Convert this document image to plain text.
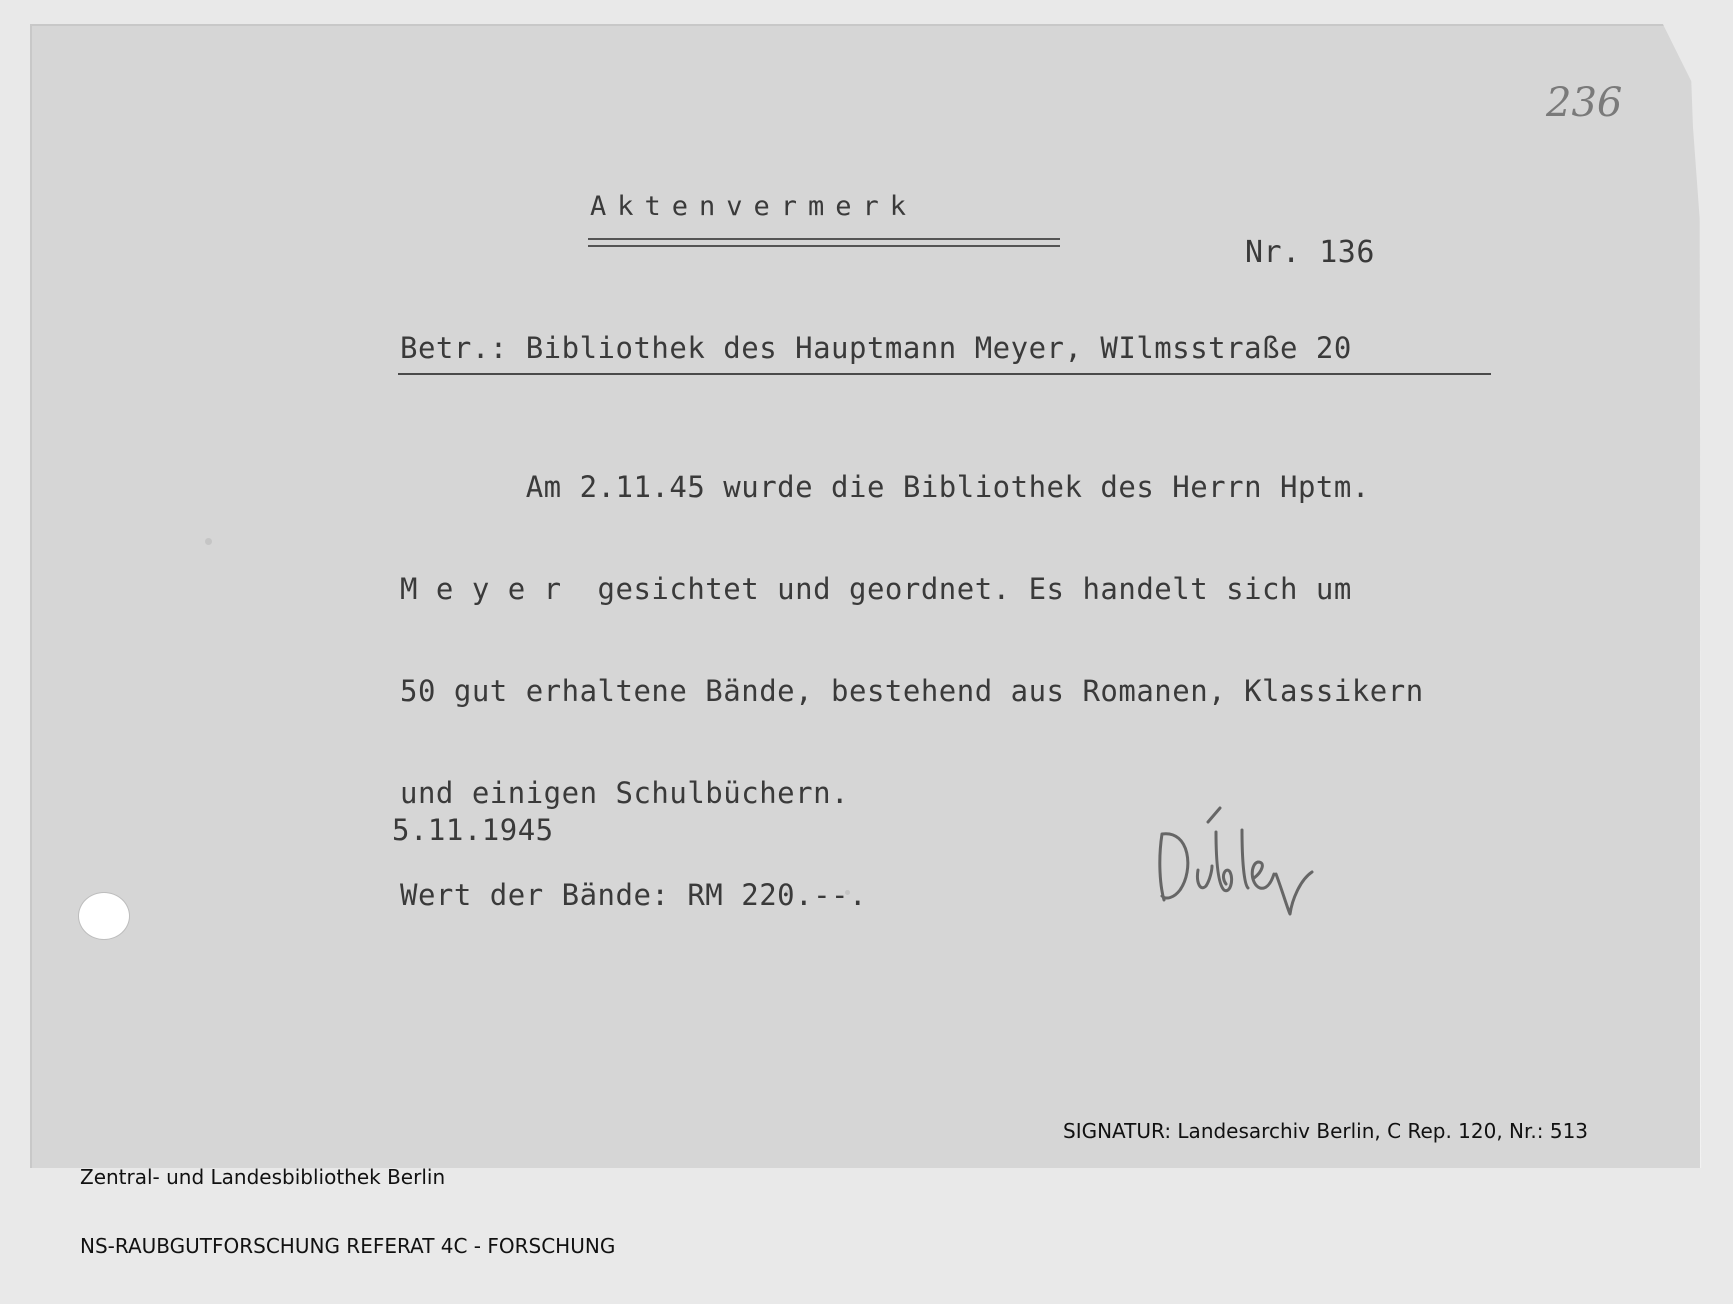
236
Aktenvermerk
Nr. 136
Betr.: Bibliothek des Hauptmann Meyer, WIlmsstraße 20

Am 2.11.45 wurde die Bibliothek des Herrn Hptm.

M e y e r  gesichtet und geordnet. Es handelt sich um

50 gut erhaltene Bände, bestehend aus Romanen, Klassikern

und einigen Schulbüchern.

Wert der Bände: RM 220.--.

5.11.1945

Zentral- und Landesbibliothek Berlin

NS-RAUBGUTFORSCHUNG REFERAT 4C - FORSCHUNG

SIGNATUR: Landesarchiv Berlin, C Rep. 120, Nr.: 513
